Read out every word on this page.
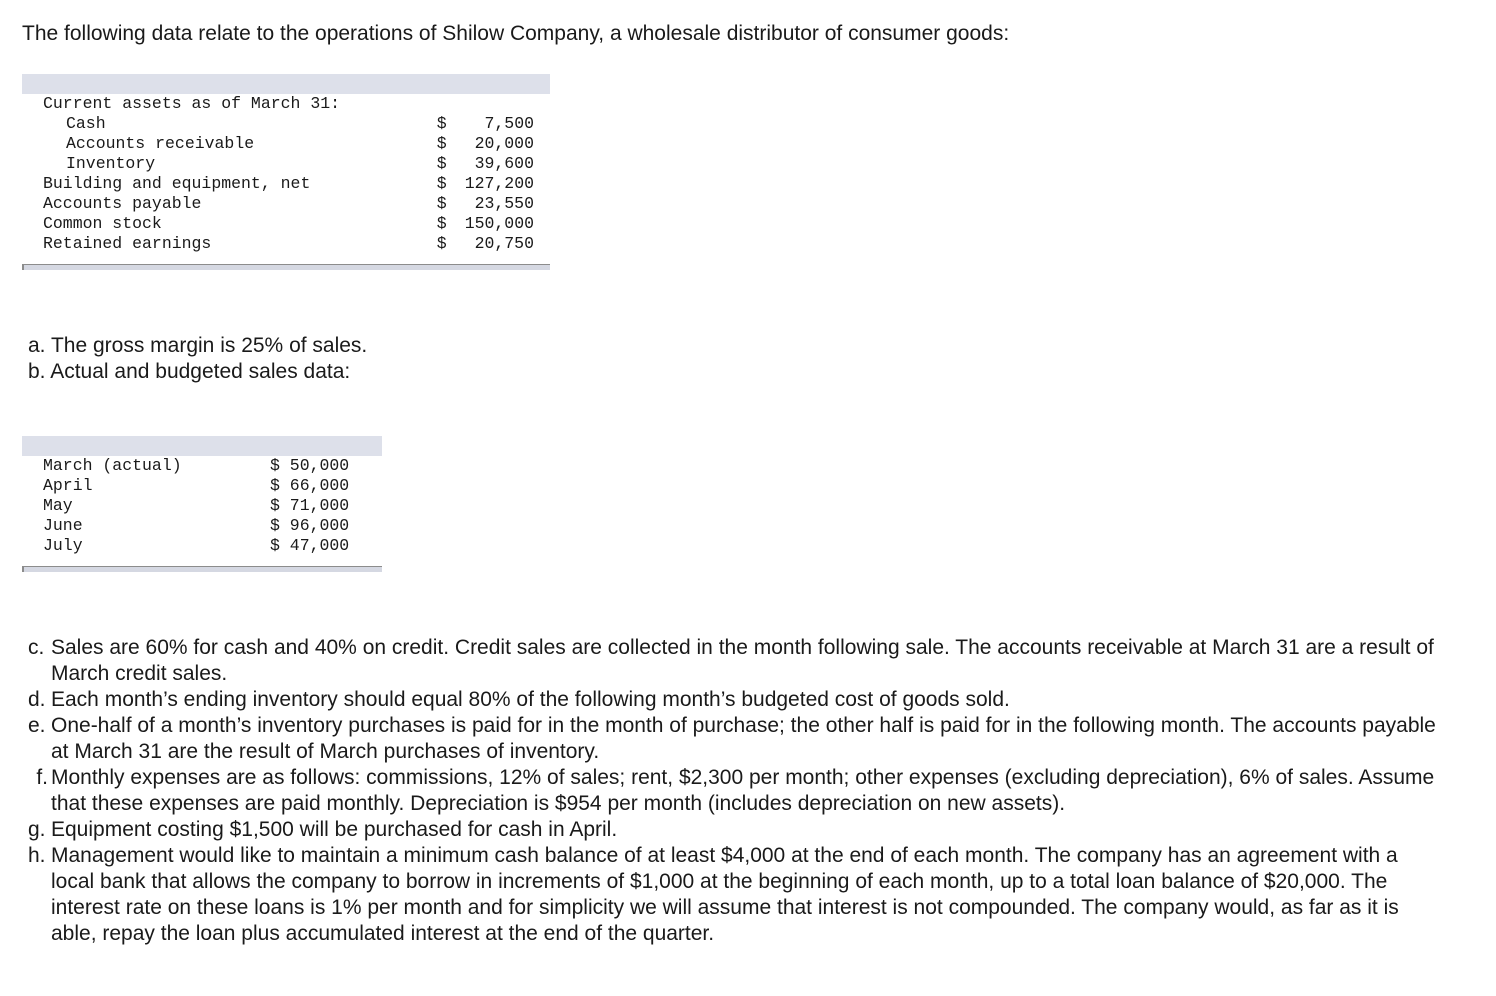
The following data relate to the operations of Shilow Company, a wholesale distributor of consumer goods:

Current assets as of March 31:		
Cash	$	7,500
Accounts receivable	$	20,000
Inventory	$	39,600
Building and equipment, net	$	127,200
Accounts payable	$	23,550
Common stock	$	150,000
Retained earnings	$	20,750
a. The gross margin is 25% of sales.
b. Actual and budgeted sales data:
March (actual)	$ 50,000
April	$ 66,000
May	$ 71,000
June	$ 96,000
July	$ 47,000
c. Sales are 60% for cash and 40% on credit. Credit sales are collected in the month following sale. The accounts receivable at March 31 are a result of March credit sales.
d. Each month’s ending inventory should equal 80% of the following month’s budgeted cost of goods sold.
e. One-half of a month’s inventory purchases is paid for in the month of purchase; the other half is paid for in the following month. The accounts payable at March 31 are the result of March purchases of inventory.
f. Monthly expenses are as follows: commissions, 12% of sales; rent, $2,300 per month; other expenses (excluding depreciation), 6% of sales. Assume that these expenses are paid monthly. Depreciation is $954 per month (includes depreciation on new assets).
g. Equipment costing $1,500 will be purchased for cash in April.
h. Management would like to maintain a minimum cash balance of at least $4,000 at the end of each month. The company has an agreement with a local bank that allows the company to borrow in increments of $1,000 at the beginning of each month, up to a total loan balance of $20,000. The interest rate on these loans is 1% per month and for simplicity we will assume that interest is not compounded. The company would, as far as it is able, repay the loan plus accumulated interest at the end of the quarter.
